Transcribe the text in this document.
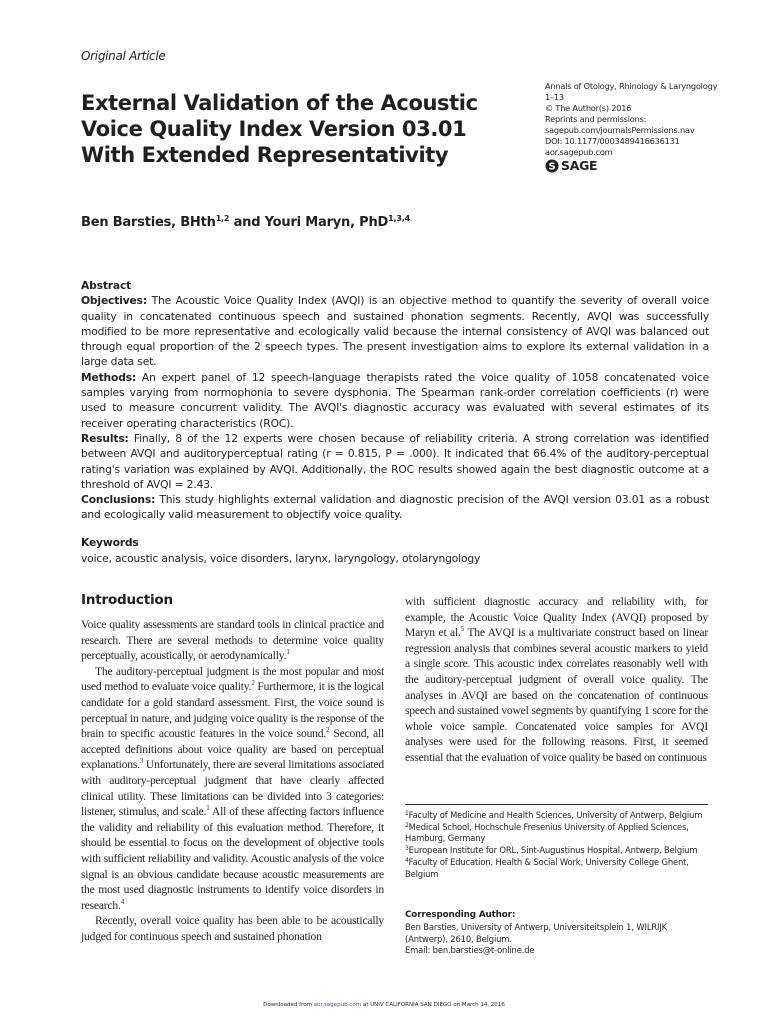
Original Article
External Validation of the Acoustic
Voice Quality Index Version 03.01
With Extended Representativity
Annals of Otology, Rhinology & Laryngology
1–13
© The Author(s) 2016
Reprints and permissions:
sagepub.com/journalsPermissions.nav
DOI: 10.1177/0003489416636131
aor.sagepub.com
S SAGE
Ben Barsties, BHth$^{1,2}$ and Youri Maryn, PhD$^{1,3,4}$
Abstract

Objectives: The Acoustic Voice Quality Index (AVQI) is an objective method to quantify the severity of overall voice quality in concatenated continuous speech and sustained phonation segments. Recently, AVQI was successfully modified to be more representative and ecologically valid because the internal consistency of AVQI was balanced out through equal proportion of the 2 speech types. The present investigation aims to explore its external validation in a large data set.

Methods: An expert panel of 12 speech-language therapists rated the voice quality of 1058 concatenated voice samples varying from normophonia to severe dysphonia. The Spearman rank-order correlation coefficients (r) were used to measure concurrent validity. The AVQI's diagnostic accuracy was evaluated with several estimates of its receiver operating characteristics (ROC).

Results: Finally, 8 of the 12 experts were chosen because of reliability criteria. A strong correlation was identified between AVQI and auditoryperceptual rating (r = 0.815, P = .000). It indicated that 66.4% of the auditory-perceptual rating's variation was explained by AVQI. Additionally, the ROC results showed again the best diagnostic outcome at a threshold of AVQI = 2.43.

Conclusions: This study highlights external validation and diagnostic precision of the AVQI version 03.01 as a robust and ecologically valid measurement to objectify voice quality.

Keywords
voice, acoustic analysis, voice disorders, larynx, laryngology, otolaryngology
Introduction

Voice quality assessments are standard tools in clinical practice and research. There are several methods to determine voice quality perceptually, acoustically, or aerodynamically.$^1$

The auditory-perceptual judgment is the most popular and most used method to evaluate voice quality.$^2$ Furthermore, it is the logical candidate for a gold standard assessment. First, the voice sound is perceptual in nature, and judging voice quality is the response of the brain to specific acoustic features in the voice sound.$^2$ Second, all accepted definitions about voice quality are based on perceptual explanations.$^3$ Unfortunately, there are several limitations associated with auditory-perceptual judgment that have clearly affected clinical utility. These limitations can be divided into 3 categories: listener, stimulus, and scale.$^1$ All of these affecting factors influence the validity and reliability of this evaluation method. Therefore, it should be essential to focus on the development of objective tools with sufficient reliability and validity. Acoustic analysis of the voice signal is an obvious candidate because acoustic measurements are the most used diagnostic instruments to identify voice disorders in research.$^4$

Recently, overall voice quality has been able to be acoustically judged for continuous speech and sustained phonation

with sufficient diagnostic accuracy and reliability with, for example, the Acoustic Voice Quality Index (AVQI) proposed by Maryn et al.$^5$ The AVQI is a multivariate construct based on linear regression analysis that combines several acoustic markers to yield a single score. This acoustic index correlates reasonably well with the auditory-perceptual judgment of overall voice quality. The analyses in AVQI are based on the concatenation of continuous speech and sustained vowel segments by quantifying 1 score for the whole voice sample. Concatenated voice samples for AVQI analyses were used for the following reasons. First, it seemed essential that the evaluation of voice quality be based on continuous

$^1$Faculty of Medicine and Health Sciences, University of Antwerp, Belgium
$^2$Medical School, Hochschule Fresenius University of Applied Sciences, Hamburg, Germany
$^3$European Institute for ORL, Sint-Augustinus Hospital, Antwerp, Belgium
$^4$Faculty of Education, Health & Social Work, University College Ghent, Belgium
Corresponding Author:
Ben Barsties, University of Antwerp, Universiteitsplein 1, WILRIJK (Antwerp), 2610, Belgium.
Email: ben.barsties@t-online.de
Downloaded from aor.sagepub.com at UNIV CALIFORNIA SAN DIEGO on March 14, 2016
